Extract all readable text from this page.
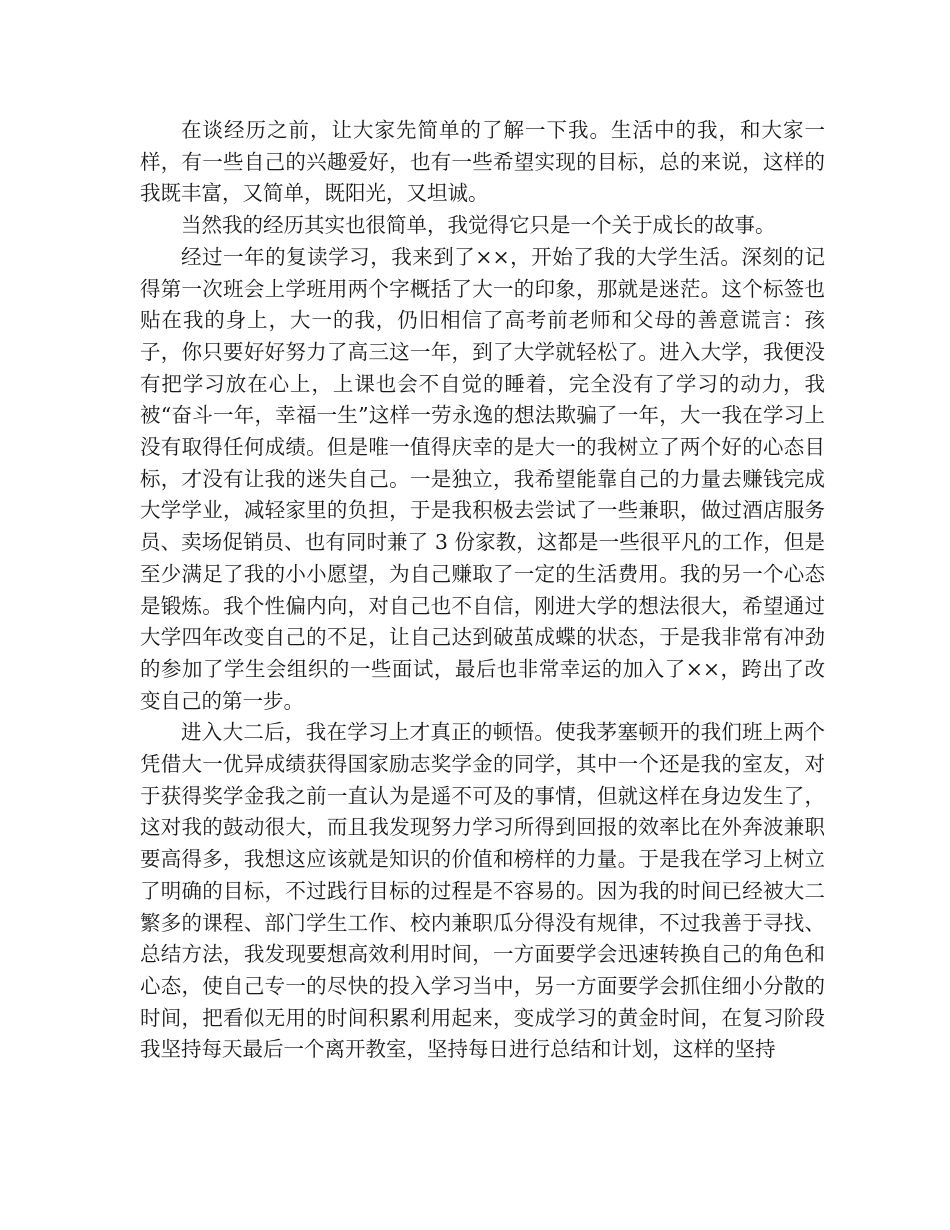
在谈经历之前，让大家先简单的了解一下我。生活中的我，和大家一样，有一些自己的兴趣爱好，也有一些希望实现的目标，总的来说，这样的我既丰富，又简单，既阳光，又坦诚。

当然我的经历其实也很简单，我觉得它只是一个关于成长的故事。

经过一年的复读学习，我来到了××，开始了我的大学生活。深刻的记得第一次班会上学班用两个字概括了大一的印象，那就是迷茫。这个标签也贴在我的身上，大一的我，仍旧相信了高考前老师和父母的善意谎言：孩子，你只要好好努力了高三这一年，到了大学就轻松了。进入大学，我便没有把学习放在心上，上课也会不自觉的睡着，完全没有了学习的动力，我被“奋斗一年，幸福一生”这样一劳永逸的想法欺骗了一年，大一我在学习上没有取得任何成绩。但是唯一值得庆幸的是大一的我树立了两个好的心态目标，才没有让我的迷失自己。一是独立，我希望能靠自己的力量去赚钱完成大学学业，减轻家里的负担，于是我积极去尝试了一些兼职，做过酒店服务员、卖场促销员、也有同时兼了 3 份家教，这都是一些很平凡的工作，但是至少满足了我的小小愿望，为自己赚取了一定的生活费用。我的另一个心态是锻炼。我个性偏内向，对自己也不自信，刚进大学的想法很大，希望通过大学四年改变自己的不足，让自己达到破茧成蝶的状态，于是我非常有冲劲的参加了学生会组织的一些面试，最后也非常幸运的加入了××，跨出了改变自己的第一步。

进入大二后，我在学习上才真正的顿悟。使我茅塞顿开的我们班上两个凭借大一优异成绩获得国家励志奖学金的同学，其中一个还是我的室友，对于获得奖学金我之前一直认为是遥不可及的事情，但就这样在身边发生了，这对我的鼓动很大，而且我发现努力学习所得到回报的效率比在外奔波兼职要高得多，我想这应该就是知识的价值和榜样的力量。于是我在学习上树立了明确的目标，不过践行目标的过程是不容易的。因为我的时间已经被大二繁多的课程、部门学生工作、校内兼职瓜分得没有规律，不过我善于寻找、总结方法，我发现要想高效利用时间，一方面要学会迅速转换自己的角色和心态，使自己专一的尽快的投入学习当中，另一方面要学会抓住细小分散的时间，把看似无用的时间积累利用起来，变成学习的黄金时间，在复习阶段我坚持每天最后一个离开教室，坚持每日进行总结和计划，这样的坚持
